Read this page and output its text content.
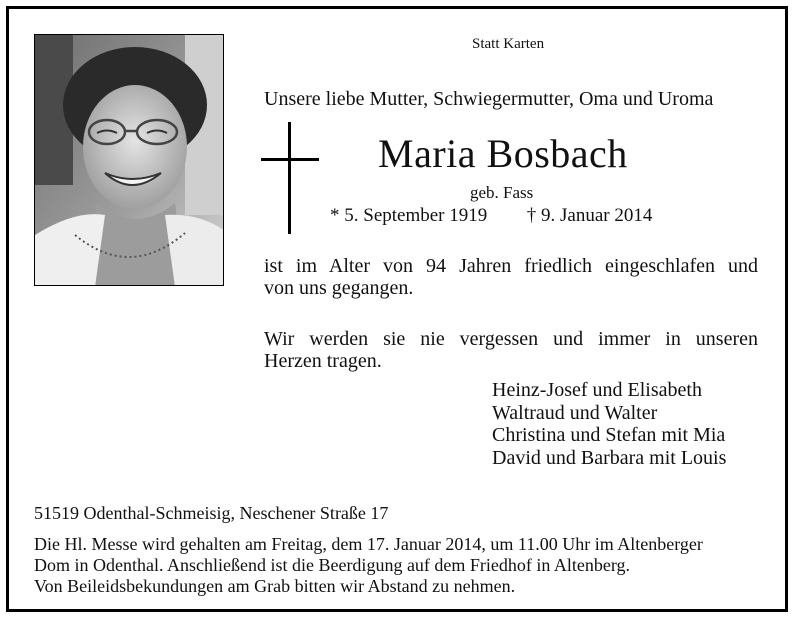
Statt Karten
Unsere liebe Mutter, Schwiegermutter, Oma und Uroma
Maria Bosbach
geb. Fass
* 5. September 1919 † 9. Januar 2014
ist im Alter von 94 Jahren friedlich eingeschlafen und
von uns gegangen.
Wir werden sie nie vergessen und immer in unseren
Herzen tragen.
Heinz-Josef und Elisabeth
Waltraud und Walter
Christina und Stefan mit Mia
David und Barbara mit Louis
51519 Odenthal-Schmeisig, Neschener Straße 17
Die Hl. Messe wird gehalten am Freitag, dem 17. Januar 2014, um 11.00 Uhr im Altenberger
Dom in Odenthal. Anschließend ist die Beerdigung auf dem Friedhof in Altenberg.
Von Beileidsbekundungen am Grab bitten wir Abstand zu nehmen.
